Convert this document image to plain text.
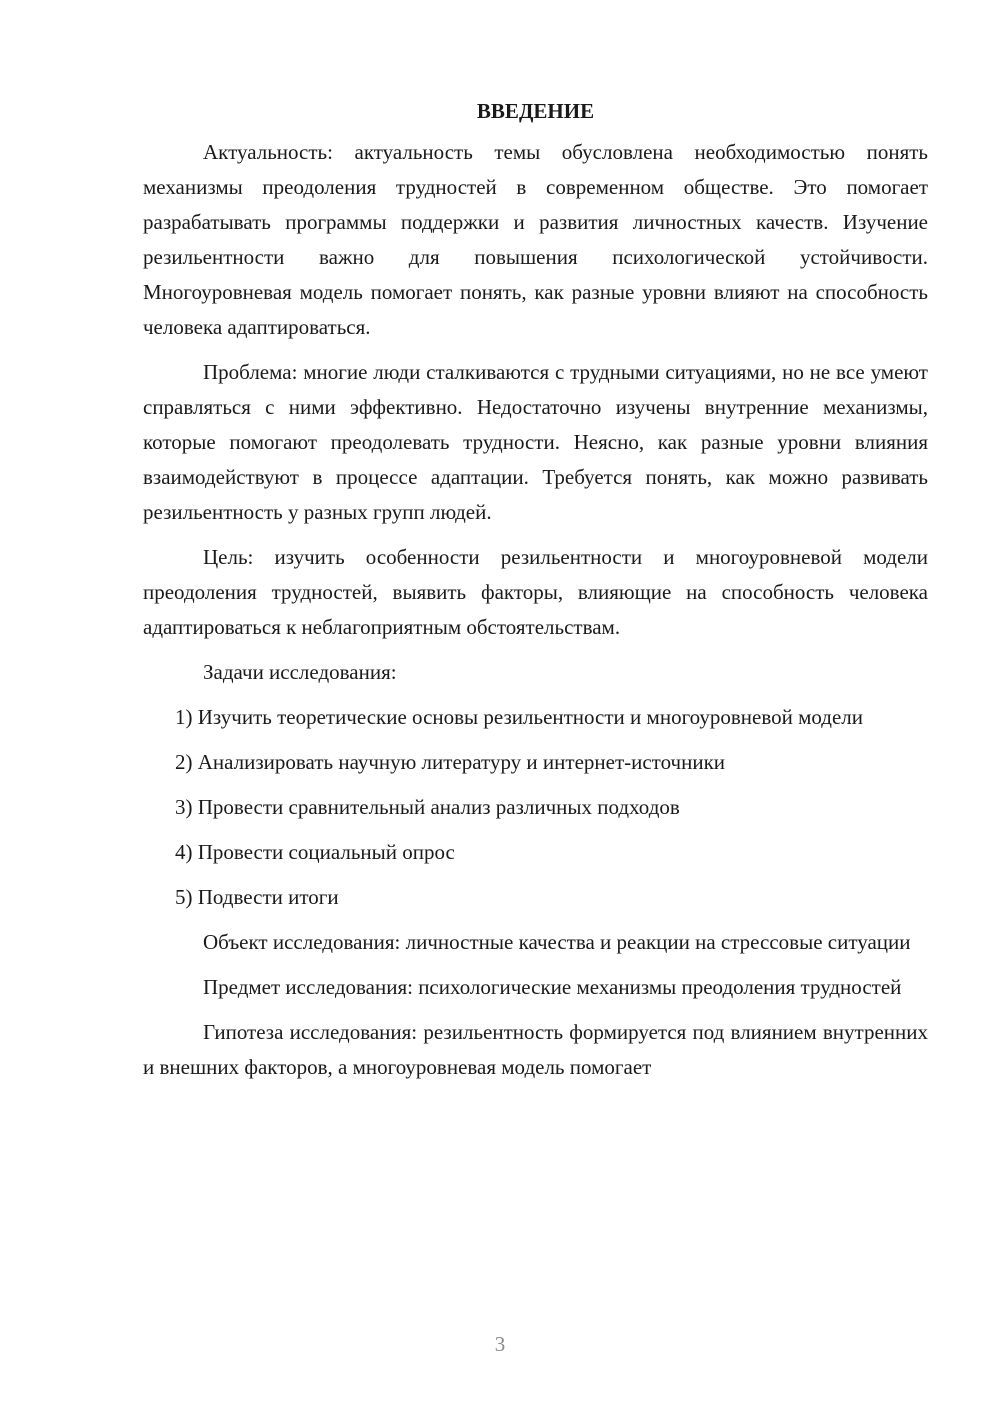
ВВЕДЕНИЕ

Актуальность: актуальность темы обусловлена необходимостью понять механизмы преодоления трудностей в современном обществе. Это помогает разрабатывать программы поддержки и развития личностных качеств. Изучение резильентности важно для повышения психологической устойчивости. Многоуровневая модель помогает понять, как разные уровни влияют на способность человека адаптироваться.

Проблема: многие люди сталкиваются с трудными ситуациями, но не все умеют справляться с ними эффективно. Недостаточно изучены внутренние механизмы, которые помогают преодолевать трудности. Неясно, как разные уровни влияния взаимодействуют в процессе адаптации. Требуется понять, как можно развивать резильентность у разных групп людей.

Цель: изучить особенности резильентности и многоуровневой модели преодоления трудностей, выявить факторы, влияющие на способность человека адаптироваться к неблагоприятным обстоятельствам.

Задачи исследования:

1) Изучить теоретические основы резильентности и многоуровневой модели

2) Анализировать научную литературу и интернет-источники

3) Провести сравнительный анализ различных подходов

4) Провести социальный опрос

5) Подвести итоги

Объект исследования: личностные качества и реакции на стрессовые ситуации

Предмет исследования: психологические механизмы преодоления трудностей

Гипотеза исследования: резильентность формируется под влиянием внутренних и внешних факторов, а многоуровневая модель помогает

3
